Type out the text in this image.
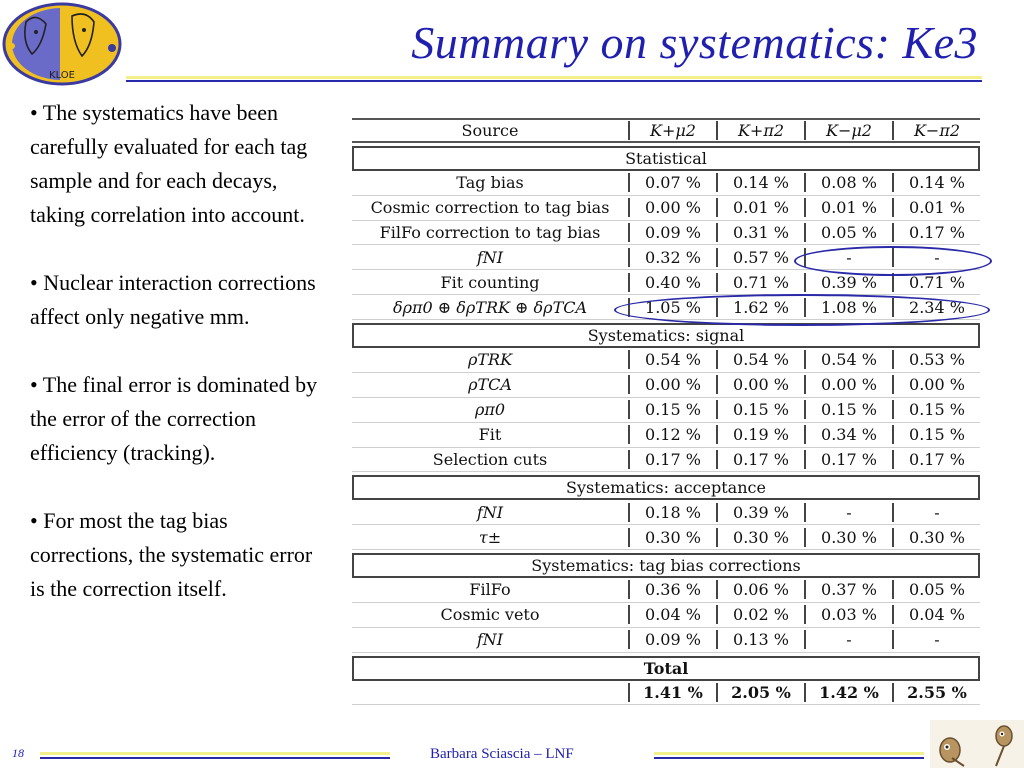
KLOE
Summary on systematics: Ke3

• The systematics have been carefully evaluated for each tag sample and for each decays, taking correlation into account.

• Nuclear interaction corrections affect only negative mm.

• The final error is dominated by the error of the correction efficiency (tracking).

• For most the tag bias corrections, the systematic error is the correction itself.

Source	K+μ2	K+π2	K−μ2	K−π2
Statistical
Tag bias	0.07 %	0.14 %	0.08 %	0.14 %
Cosmic correction to tag bias	0.00 %	0.01 %	0.01 %	0.01 %
FilFo correction to tag bias	0.09 %	0.31 %	0.05 %	0.17 %
fNI	0.32 %	0.57 %	-	-
Fit counting	0.40 %	0.71 %	0.39 %	0.71 %
δρπ0 ⊕ δρTRK ⊕ δρTCA	1.05 %	1.62 %	1.08 %	2.34 %
Systematics: signal
ρTRK	0.54 %	0.54 %	0.54 %	0.53 %
ρTCA	0.00 %	0.00 %	0.00 %	0.00 %
ρπ0	0.15 %	0.15 %	0.15 %	0.15 %
Fit	0.12 %	0.19 %	0.34 %	0.15 %
Selection cuts	0.17 %	0.17 %	0.17 %	0.17 %
Systematics: acceptance
fNI	0.18 %	0.39 %	-	-
τ±	0.30 %	0.30 %	0.30 %	0.30 %
Systematics: tag bias corrections
FilFo	0.36 %	0.06 %	0.37 %	0.05 %
Cosmic veto	0.04 %	0.02 %	0.03 %	0.04 %
fNI	0.09 %	0.13 %	-	-
Total
1.41 %	2.05 %	1.42 %	2.55 %
18	Barbara Sciascia – LNF
